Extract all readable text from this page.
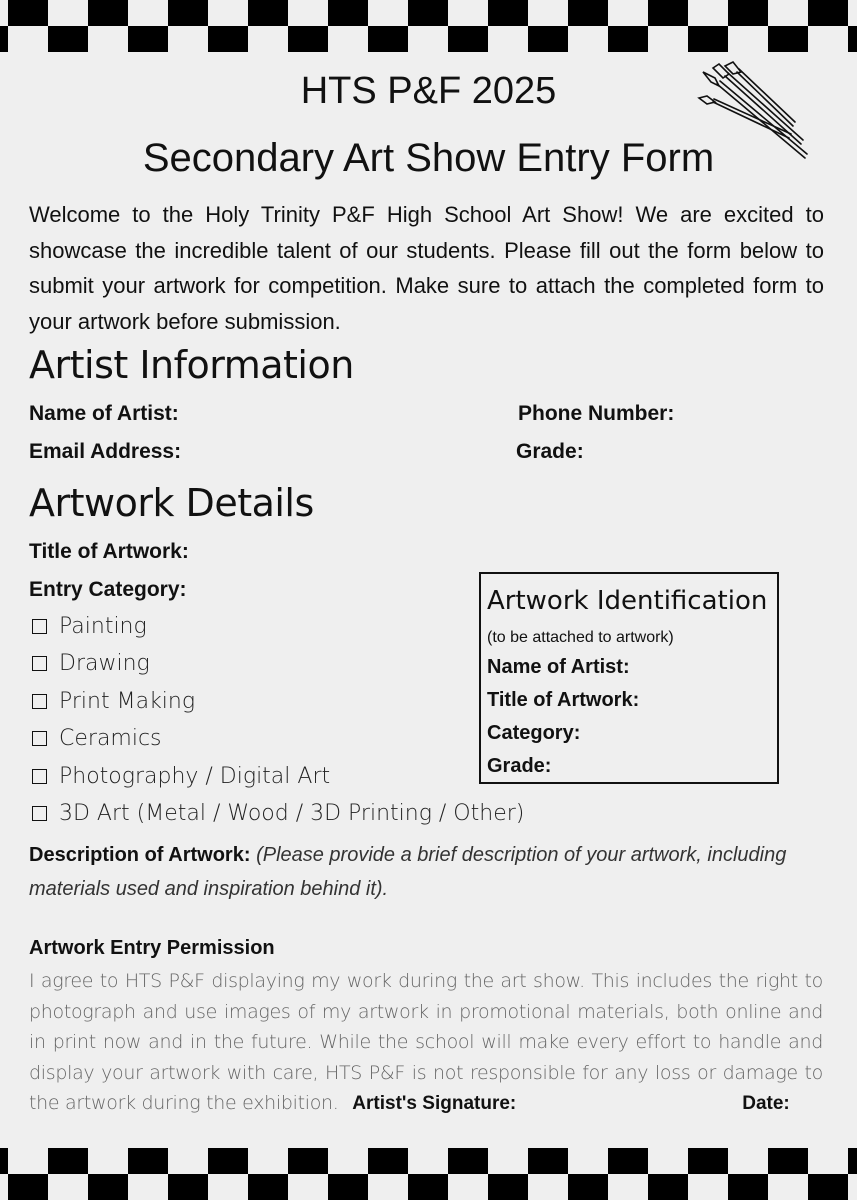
HTS P&F 2025
Secondary Art Show Entry Form
Welcome to the Holy Trinity P&F High School Art Show! We are excited to showcase the incredible talent of our students. Please fill out the form below to submit your artwork for competition. Make sure to attach the completed form to your artwork before submission.
Artist Information
Name of Artist:	Phone Number:
Email Address:	Grade:
Artwork Details
Title of Artwork:
Entry Category:
Painting
Drawing
Print Making
Ceramics
Photography / Digital Art
3D Art (Metal / Wood / 3D Printing / Other)
Description of Artwork: (Please provide a brief description of your artwork, including materials used and inspiration behind it).
Artwork Identification
(to be attached to artwork)
Name of Artist:
Title of Artwork:
Category:
Grade:
Artwork Entry Permission
I agree to HTS P&F displaying my work during the art show. This includes the right to photograph and use images of my artwork in promotional materials, both online and in print now and in the future. While the school will make every effort to handle and display your artwork with care, HTS P&F is not responsible for any loss or damage to the artwork during the exhibition. Artist's Signature:	Date:
